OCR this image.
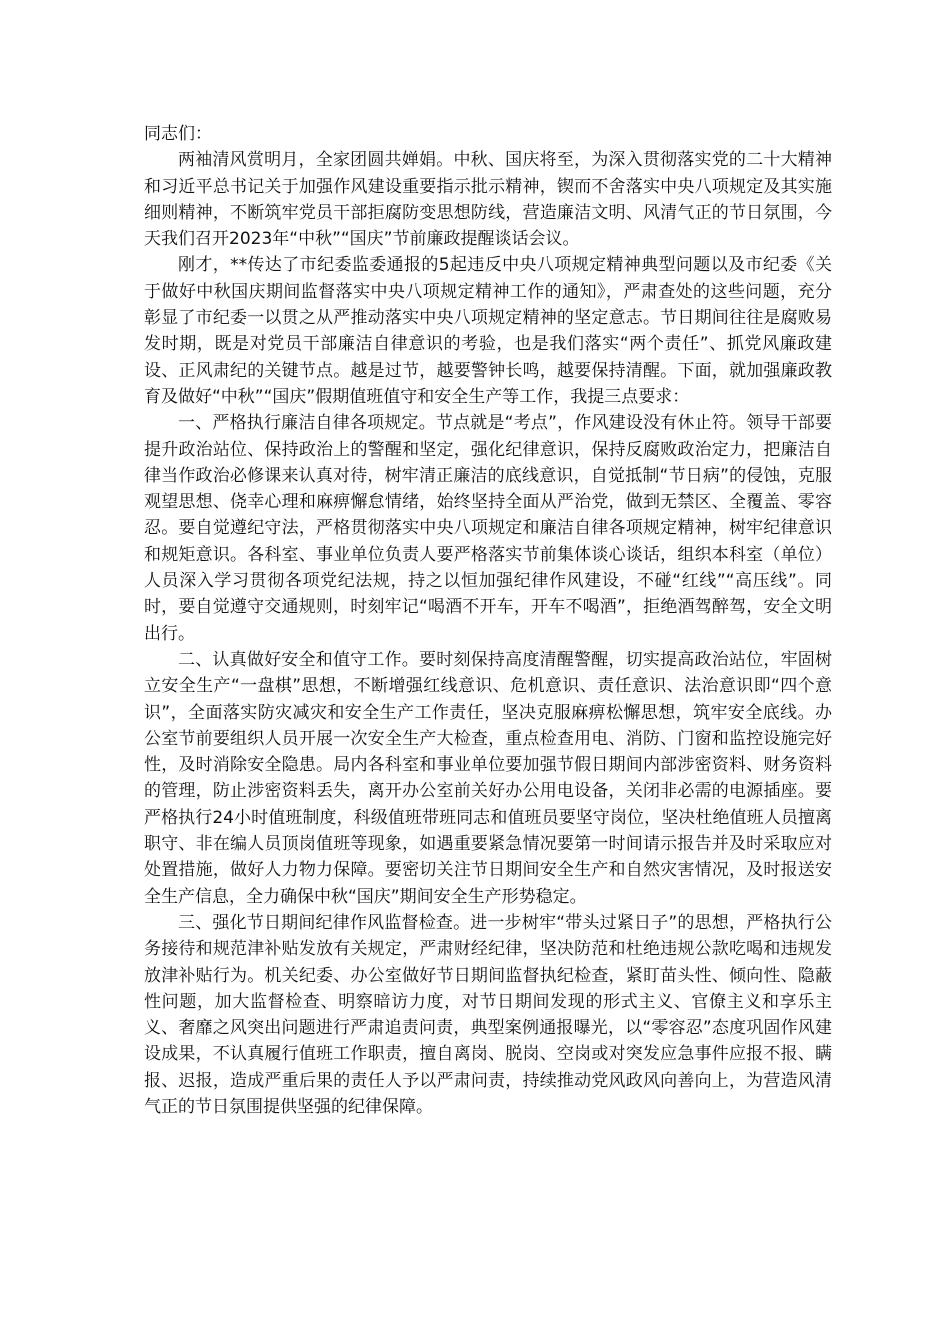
同志们：

两袖清风赏明月，全家团圆共婵娟。中秋、国庆将至，为深入贯彻落实党的二十大精神和习近平总书记关于加强作风建设重要指示批示精神，锲而不舍落实中央八项规定及其实施细则精神，不断筑牢党员干部拒腐防变思想防线，营造廉洁文明、风清气正的节日氛围，今天我们召开2023年“中秋”“国庆”节前廉政提醒谈话会议。

刚才，**传达了市纪委监委通报的5起违反中央八项规定精神典型问题以及市纪委《关于做好中秋国庆期间监督落实中央八项规定精神工作的通知》，严肃查处的这些问题，充分彰显了市纪委一以贯之从严推动落实中央八项规定精神的坚定意志。节日期间往往是腐败易发时期，既是对党员干部廉洁自律意识的考验，也是我们落实“两个责任”、抓党风廉政建设、正风肃纪的关键节点。越是过节，越要警钟长鸣，越要保持清醒。下面，就加强廉政教育及做好“中秋”“国庆”假期值班值守和安全生产等工作，我提三点要求：

一、严格执行廉洁自律各项规定。节点就是“考点”，作风建设没有休止符。领导干部要提升政治站位、保持政治上的警醒和坚定，强化纪律意识，保持反腐败政治定力，把廉洁自律当作政治必修课来认真对待，树牢清正廉洁的底线意识，自觉抵制“节日病”的侵蚀，克服观望思想、侥幸心理和麻痹懈怠情绪，始终坚持全面从严治党，做到无禁区、全覆盖、零容忍。要自觉遵纪守法，严格贯彻落实中央八项规定和廉洁自律各项规定精神，树牢纪律意识和规矩意识。各科室、事业单位负责人要严格落实节前集体谈心谈话，组织本科室（单位）人员深入学习贯彻各项党纪法规，持之以恒加强纪律作风建设，不碰“红线”“高压线”。同时，要自觉遵守交通规则，时刻牢记“喝酒不开车，开车不喝酒”，拒绝酒驾醉驾，安全文明出行。

二、认真做好安全和值守工作。要时刻保持高度清醒警醒，切实提高政治站位，牢固树立安全生产“一盘棋”思想，不断增强红线意识、危机意识、责任意识、法治意识即“四个意识”，全面落实防灾减灾和安全生产工作责任，坚决克服麻痹松懈思想，筑牢安全底线。办公室节前要组织人员开展一次安全生产大检查，重点检查用电、消防、门窗和监控设施完好性，及时消除安全隐患。局内各科室和事业单位要加强节假日期间内部涉密资料、财务资料的管理，防止涉密资料丢失，离开办公室前关好办公用电设备，关闭非必需的电源插座。要严格执行24小时值班制度，科级值班带班同志和值班员要坚守岗位，坚决杜绝值班人员擅离职守、非在编人员顶岗值班等现象，如遇重要紧急情况要第一时间请示报告并及时采取应对处置措施，做好人力物力保障。要密切关注节日期间安全生产和自然灾害情况，及时报送安全生产信息，全力确保中秋“国庆”期间安全生产形势稳定。

三、强化节日期间纪律作风监督检查。进一步树牢“带头过紧日子”的思想，严格执行公务接待和规范津补贴发放有关规定，严肃财经纪律，坚决防范和杜绝违规公款吃喝和违规发放津补贴行为。机关纪委、办公室做好节日期间监督执纪检查，紧盯苗头性、倾向性、隐蔽性问题，加大监督检查、明察暗访力度，对节日期间发现的形式主义、官僚主义和享乐主义、奢靡之风突出问题进行严肃追责问责，典型案例通报曝光，以“零容忍”态度巩固作风建设成果，不认真履行值班工作职责，擅自离岗、脱岗、空岗或对突发应急事件应报不报、瞒报、迟报，造成严重后果的责任人予以严肃问责，持续推动党风政风向善向上，为营造风清气正的节日氛围提供坚强的纪律保障。
